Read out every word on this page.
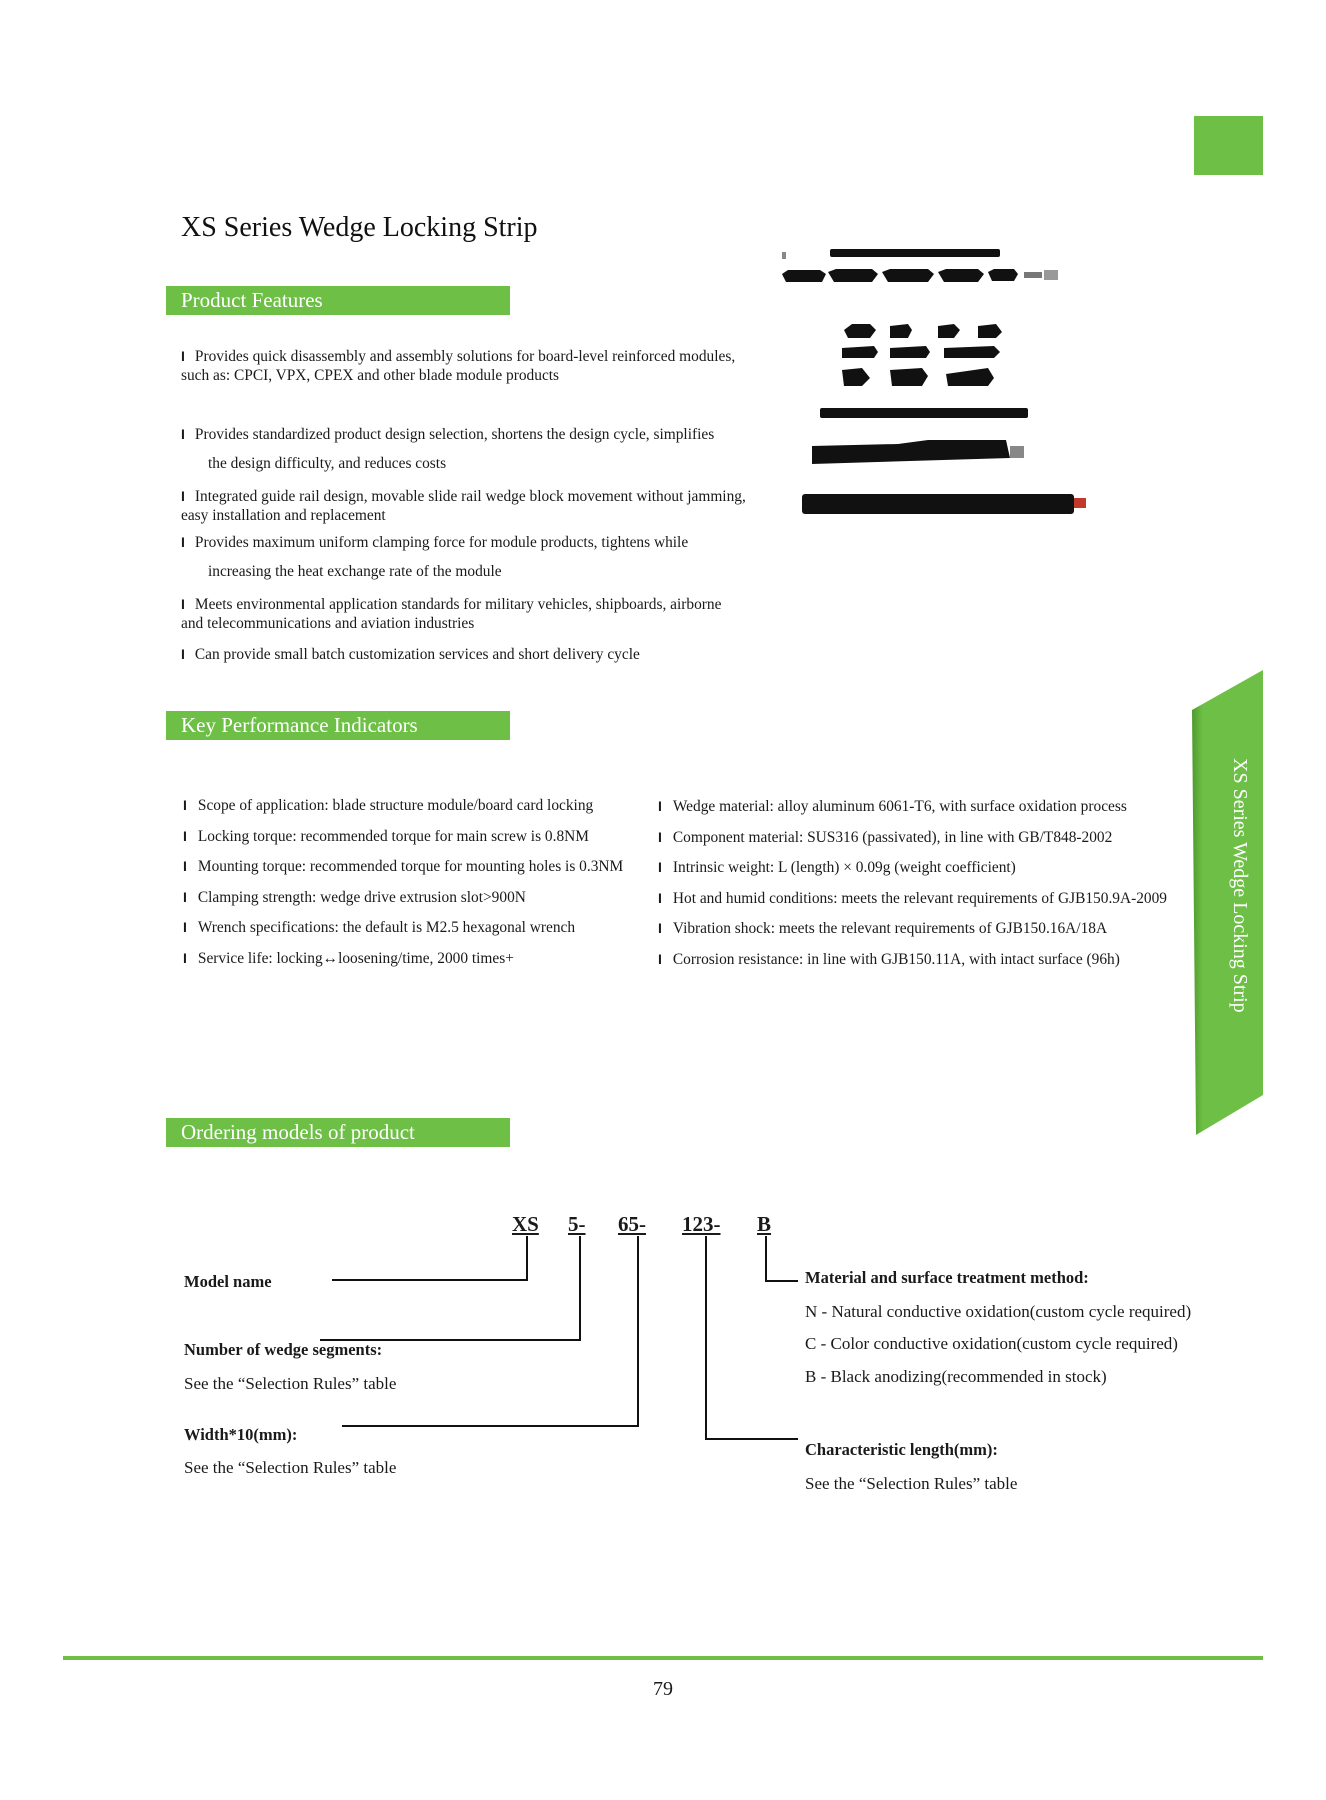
XS Series Wedge Locking Strip
Product Features
I Provides quick disassembly and assembly solutions for board-level reinforced modules,
such as: CPCI, VPX, CPEX and other blade module products
I Provides standardized product design selection, shortens the design cycle, simplifies
the design difficulty, and reduces costs
I Integrated guide rail design, movable slide rail wedge block movement without jamming,
easy installation and replacement
I Provides maximum uniform clamping force for module products, tightens while
increasing the heat exchange rate of the module
I Meets environmental application standards for military vehicles, shipboards, airborne
and telecommunications and aviation industries
I Can provide small batch customization services and short delivery cycle
Key Performance Indicators
I Scope of application: blade structure module/board card locking
I Locking torque: recommended torque for main screw is 0.8NM
I Mounting torque: recommended torque for mounting holes is 0.3NM
I Clamping strength: wedge drive extrusion slot>900N
I Wrench specifications: the default is M2.5 hexagonal wrench
I Service life: locking↔loosening/time, 2000 times+
I Wedge material: alloy aluminum 6061-T6, with surface oxidation process
I Component material: SUS316 (passivated), in line with GB/T848-2002
I Intrinsic weight: L (length) × 0.09g (weight coefficient)
I Hot and humid conditions: meets the relevant requirements of GJB150.9A-2009
I Vibration shock: meets the relevant requirements of GJB150.16A/18A
I Corrosion resistance: in line with GJB150.11A, with intact surface (96h)	XS Series Wedge Locking Strip
Ordering models of product
XS 5- 65- 123- B
Model name
Number of wedge segments:
See the “Selection Rules” table
Width*10(mm):
See the “Selection Rules” table
Material and surface treatment method:
N - Natural conductive oxidation(custom cycle required)
C - Color conductive oxidation(custom cycle required)
B - Black anodizing(recommended in stock)
Characteristic length(mm):
See the “Selection Rules” table
79
